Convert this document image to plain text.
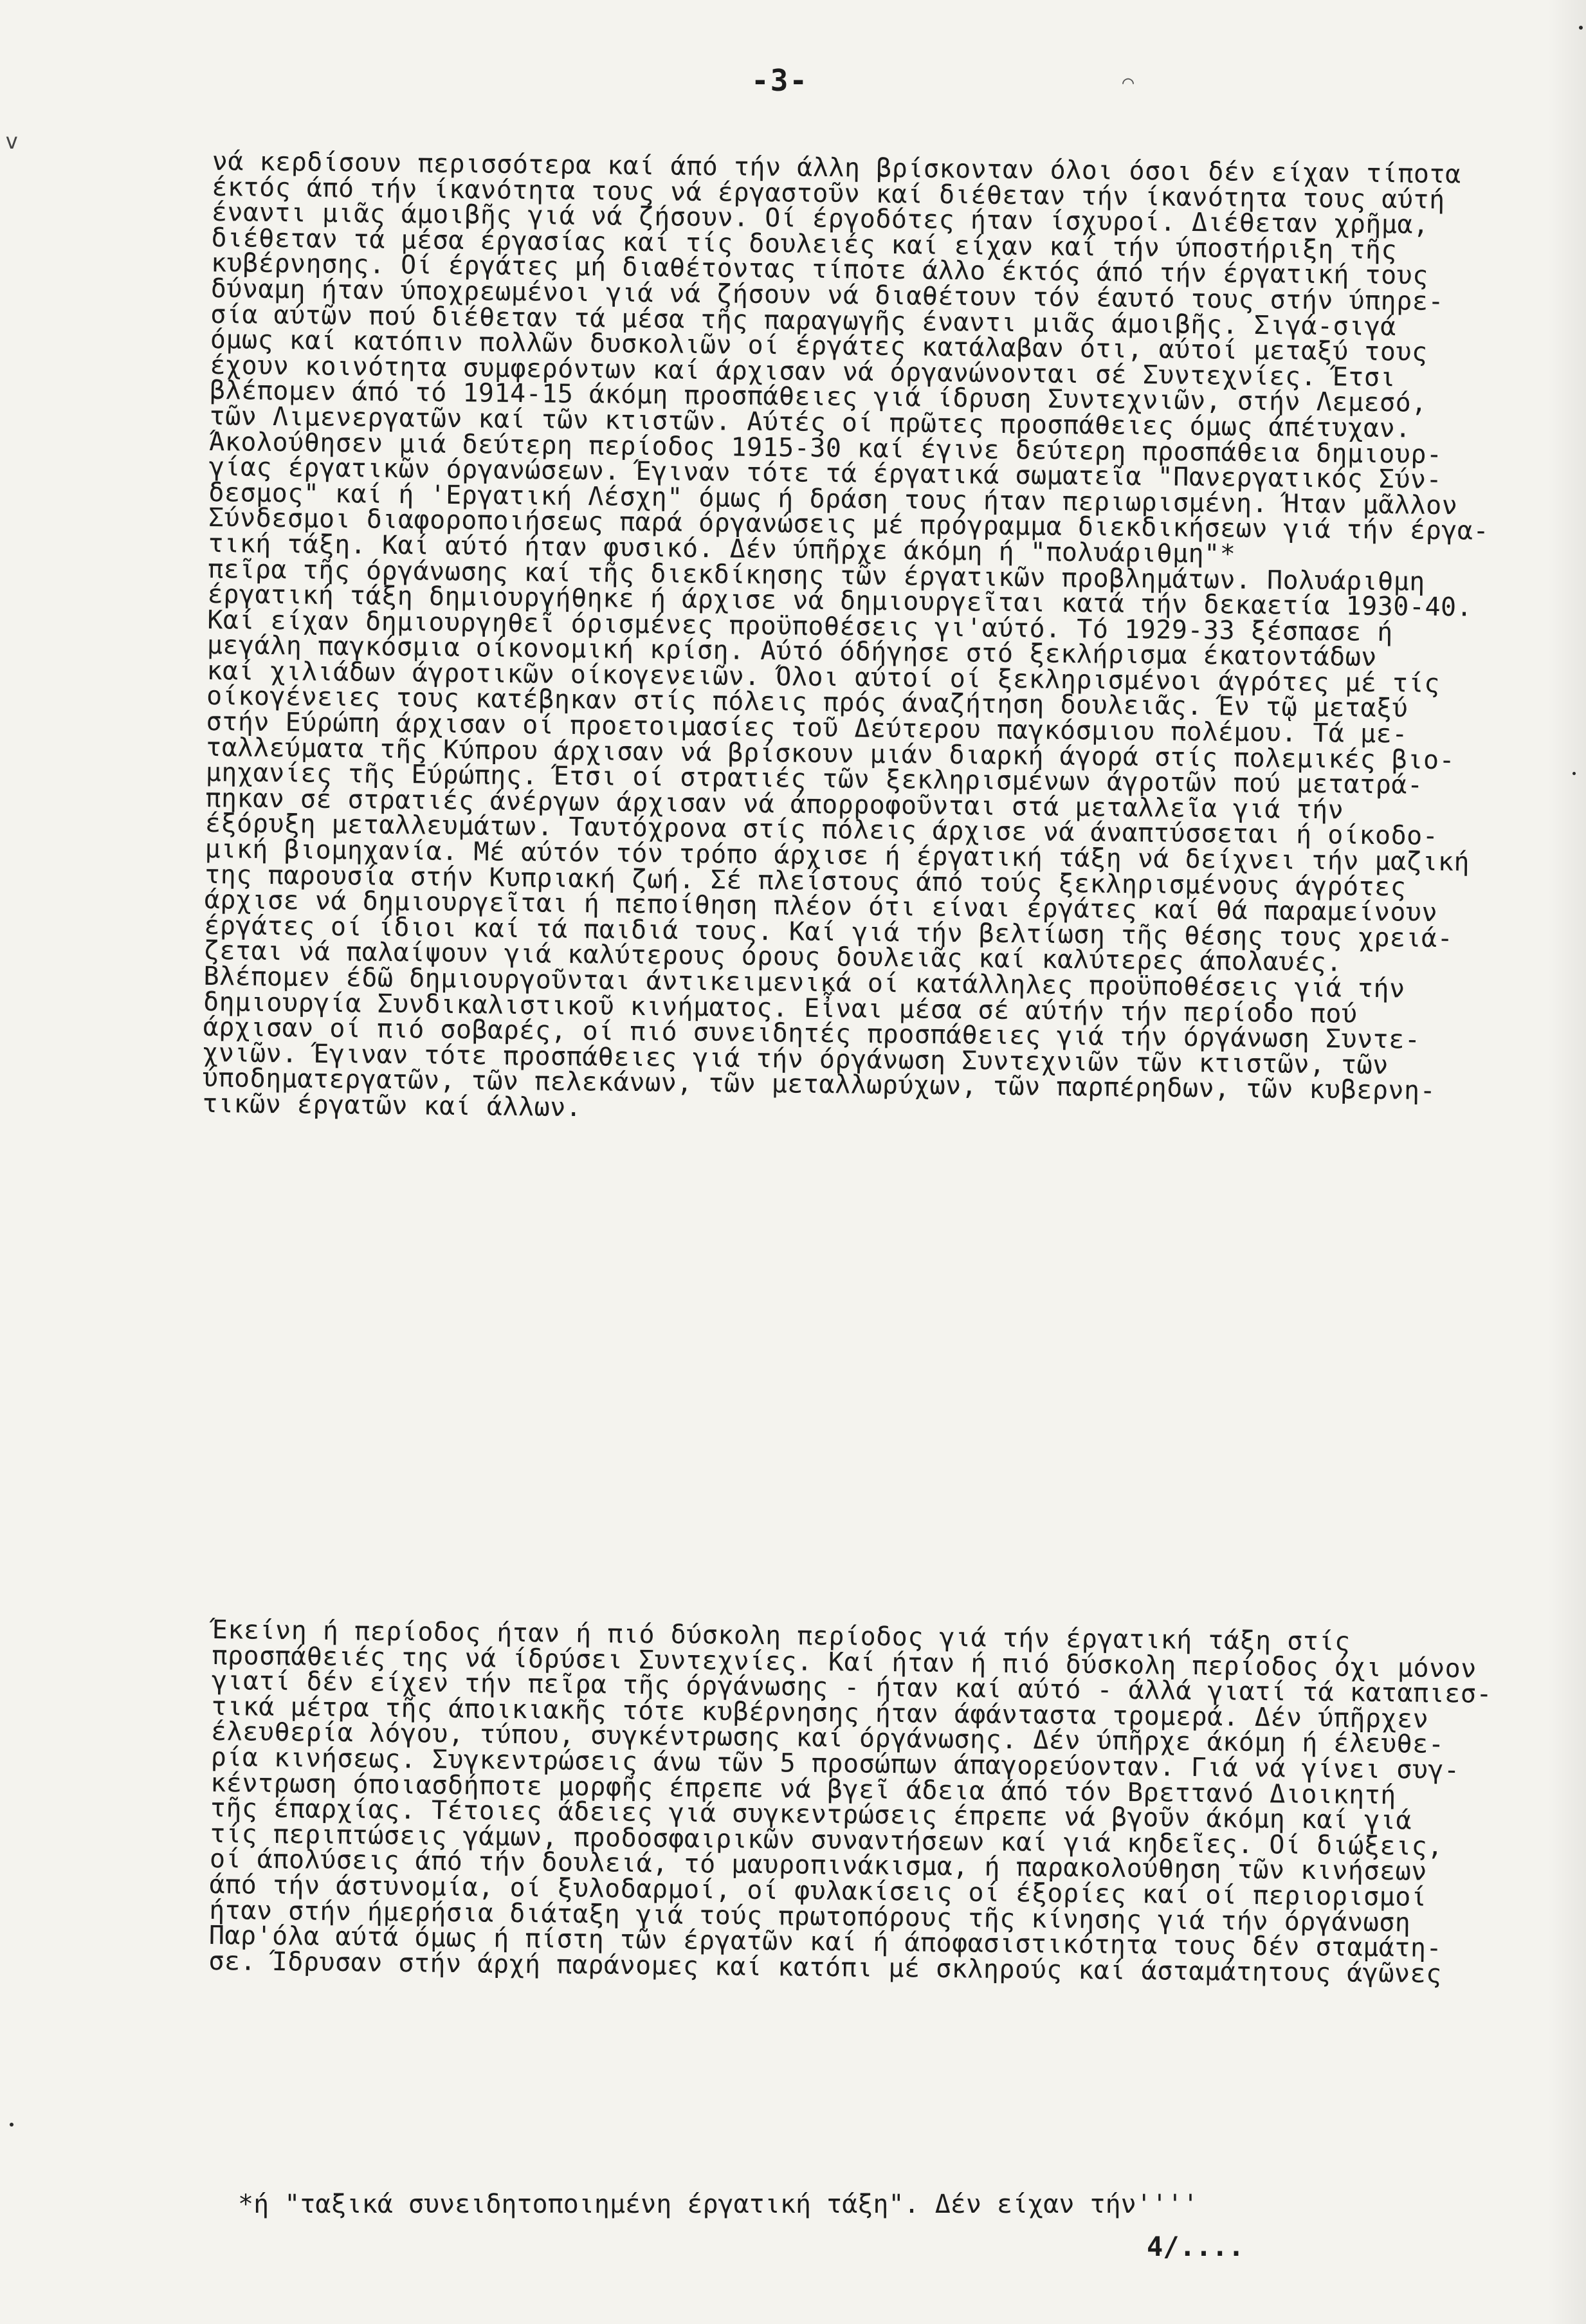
v
-3-	⌒
νά κερδίσουν περισσότερα καί άπό τήν άλλη βρίσκονταν όλοι όσοι δέν είχαν τίποτα
έκτός άπό τήν ίκανότητα τους νά έργαστοῦν καί διέθεταν τήν ίκανότητα τους αύτή
έναντι μιᾶς άμοιβῆς γιά νά ζήσουν. Οί έργοδότες ήταν ίσχυροί. Διέθεταν χρῆμα,
διέθεταν τά μέσα έργασίας καί τίς δουλειές καί είχαν καί τήν ύποστήριξη τῆς
κυβέρνησης. Οί έργάτες μή διαθέτοντας τίποτε άλλο έκτός άπό τήν έργατική τους
δύναμη ήταν ύποχρεωμένοι γιά νά ζήσουν νά διαθέτουν τόν έαυτό τους στήν ύπηρε-
σία αύτῶν πού διέθεταν τά μέσα τῆς παραγωγῆς έναντι μιᾶς άμοιβῆς. Σιγά-σιγά
όμως καί κατόπιν πολλῶν δυσκολιῶν οί έργάτες κατάλαβαν ότι, αύτοί μεταξύ τους
έχουν κοινότητα συμφερόντων καί άρχισαν νά όργανώνονται σέ Συντεχνίες. Έτσι
βλέπομεν άπό τό 1914-15 άκόμη προσπάθειες γιά ίδρυση Συντεχνιῶν, στήν Λεμεσό,
τῶν Λιμενεργατῶν καί τῶν κτιστῶν. Αύτές οί πρῶτες προσπάθειες όμως άπέτυχαν.
Άκολούθησεν μιά δεύτερη περίοδος 1915-30 καί έγινε δεύτερη προσπάθεια δημιουρ-
γίας έργατικῶν όργανώσεων. Έγιναν τότε τά έργατικά σωματεῖα "Πανεργατικός Σύν-
δεσμος" καί ή 'Εργατική Λέσχη" όμως ή δράση τους ήταν περιωρισμένη. Ήταν μᾶλλον
Σύνδεσμοι διαφοροποιήσεως παρά όργανώσεις μέ πρόγραμμα διεκδικήσεων γιά τήν έργα-
τική τάξη. Καί αύτό ήταν φυσικό. Δέν ύπῆρχε άκόμη ή "πολυάριθμη"*
πεῖρα τῆς όργάνωσης καί τῆς διεκδίκησης τῶν έργατικῶν προβλημάτων. Πολυάριθμη
έργατική τάξη δημιουργήθηκε ή άρχισε νά δημιουργεῖται κατά τήν δεκαετία 1930-40.
Καί είχαν δημιουργηθεῖ όρισμένες προϋποθέσεις γι'αύτό. Τό 1929-33 ξέσπασε ή
μεγάλη παγκόσμια οίκονομική κρίση. Αύτό όδήγησε στό ξεκλήρισμα έκατοντάδων
καί χιλιάδων άγροτικῶν οίκογενειῶν. Όλοι αύτοί οί ξεκληρισμένοι άγρότες μέ τίς
οίκογένειες τους κατέβηκαν στίς πόλεις πρός άναζήτηση δουλειᾶς. Έν τῷ μεταξύ
στήν Εύρώπη άρχισαν οί προετοιμασίες τοῦ Δεύτερου παγκόσμιου πολέμου. Τά με-
ταλλεύματα τῆς Κύπρου άρχισαν νά βρίσκουν μιάν διαρκή άγορά στίς πολεμικές βιο-
μηχανίες τῆς Εύρώπης. Έτσι οί στρατιές τῶν ξεκληρισμένων άγροτῶν πού μετατρά-
πηκαν σέ στρατιές άνέργων άρχισαν νά άπορροφοῦνται στά μεταλλεῖα γιά τήν
έξόρυξη μεταλλευμάτων. Ταυτόχρονα στίς πόλεις άρχισε νά άναπτύσσεται ή οίκοδο-
μική βιομηχανία. Μέ αύτόν τόν τρόπο άρχισε ή έργατική τάξη νά δείχνει τήν μαζική
της παρουσία στήν Κυπριακή ζωή. Σέ πλείστους άπό τούς ξεκληρισμένους άγρότες
άρχισε νά δημιουργεῖται ή πεποίθηση πλέον ότι είναι έργάτες καί θά παραμείνουν
έργάτες οί ίδιοι καί τά παιδιά τους. Καί γιά τήν βελτίωση τῆς θέσης τους χρειά-
ζεται νά παλαίψουν γιά καλύτερους όρους δουλειᾶς καί καλύτερες άπολαυές.
Βλέπομεν έδῶ δημιουργοῦνται άντικειμενικά οί κατάλληλες προϋποθέσεις γιά τήν
δημιουργία Συνδικαλιστικοῦ κινήματος. Εἶναι μέσα σέ αύτήν τήν περίοδο πού
άρχισαν οί πιό σοβαρές, οί πιό συνειδητές προσπάθειες γιά τήν όργάνωση Συντε-
χνιῶν. Έγιναν τότε προσπάθειες γιά τήν όργάνωση Συντεχνιῶν τῶν κτιστῶν, τῶν
ύποδηματεργατῶν, τῶν πελεκάνων, τῶν μεταλλωρύχων, τῶν παρπέρηδων, τῶν κυβερνη-
τικῶν έργατῶν καί άλλων.
Έκείνη ή περίοδος ήταν ή πιό δύσκολη περίοδος γιά τήν έργατική τάξη στίς
προσπάθειές της νά ίδρύσει Συντεχνίες. Καί ήταν ή πιό δύσκολη περίοδος όχι μόνον
γιατί δέν είχεν τήν πεῖρα τῆς όργάνωσης - ήταν καί αύτό - άλλά γιατί τά καταπιεσ-
τικά μέτρα τῆς άποικιακῆς τότε κυβέρνησης ήταν άφάνταστα τρομερά. Δέν ύπῆρχεν
έλευθερία λόγου, τύπου, συγκέντρωσης καί όργάνωσης. Δέν ύπῆρχε άκόμη ή έλευθε-
ρία κινήσεως. Συγκεντρώσεις άνω τῶν 5 προσώπων άπαγορεύονταν. Γιά νά γίνει συγ-
κέντρωση όποιασδήποτε μορφῆς έπρεπε νά βγεῖ άδεια άπό τόν Βρεττανό Διοικητή
τῆς έπαρχίας. Τέτοιες άδειες γιά συγκεντρώσεις έπρεπε νά βγοῦν άκόμη καί γιά
τίς περιπτώσεις γάμων, προδοσφαιρικῶν συναντήσεων καί γιά κηδεῖες. Οί διώξεις,
οί άπολύσεις άπό τήν δουλειά, τό μαυροπινάκισμα, ή παρακολούθηση τῶν κινήσεων
άπό τήν άστυνομία, οί ξυλοδαρμοί, οί φυλακίσεις οί έξορίες καί οί περιορισμοί
ήταν στήν ήμερήσια διάταξη γιά τούς πρωτοπόρους τῆς κίνησης γιά τήν όργάνωση
Παρ'όλα αύτά όμως ή πίστη τῶν έργατῶν καί ή άποφασιστικότητα τους δέν σταμάτη-
σε. Ίδρυσαν στήν άρχή παράνομες καί κατόπι μέ σκληρούς καί άσταμάτητους άγῶνες
*ή "ταξικά συνειδητοποιημένη έργατική τάξη". Δέν είχαν τήν''''
4/....
